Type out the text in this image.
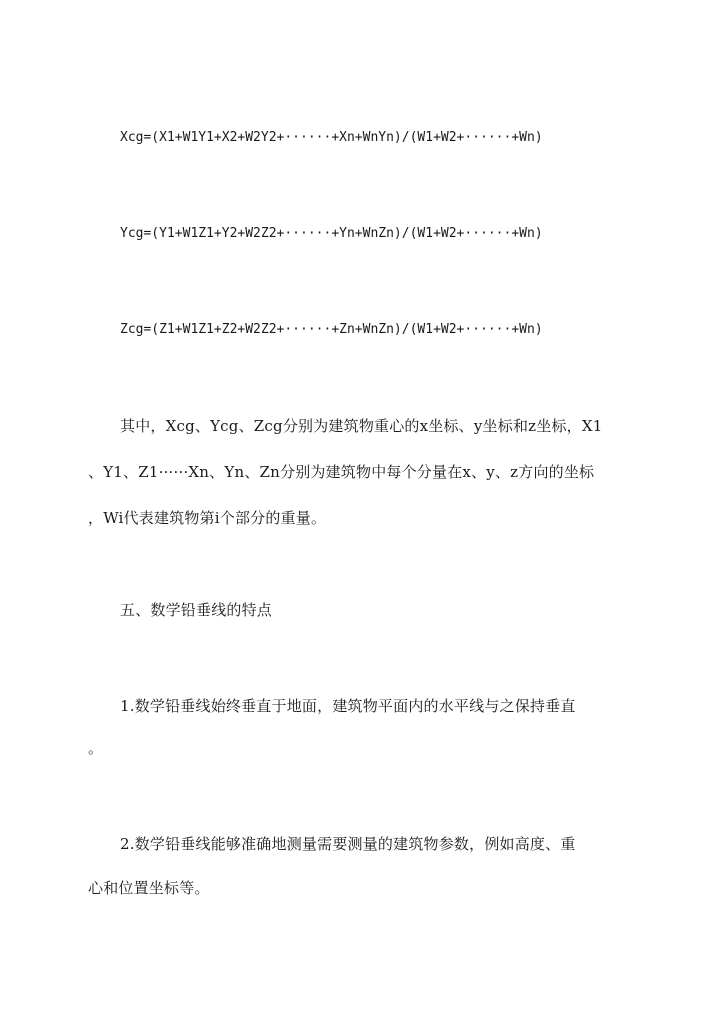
Xcg=(X1+W1Y1+X2+W2Y2+······+Xn+WnYn)/(W1+W2+······+Wn)
Ycg=(Y1+W1Z1+Y2+W2Z2+······+Yn+WnZn)/(W1+W2+······+Wn)
Zcg=(Z1+W1Z1+Z2+W2Z2+······+Zn+WnZn)/(W1+W2+······+Wn)
其中，Xcg、Ycg、Zcg分别为建筑物重心的x坐标、y坐标和z坐标，X1
、Y1、Z1······Xn、Yn、Zn分别为建筑物中每个分量在x、y、z方向的坐标
，Wi代表建筑物第i个部分的重量。
五、数学铅垂线的特点
1.数学铅垂线始终垂直于地面，建筑物平面内的水平线与之保持垂直
。
2.数学铅垂线能够准确地测量需要测量的建筑物参数，例如高度、重
心和位置坐标等。
